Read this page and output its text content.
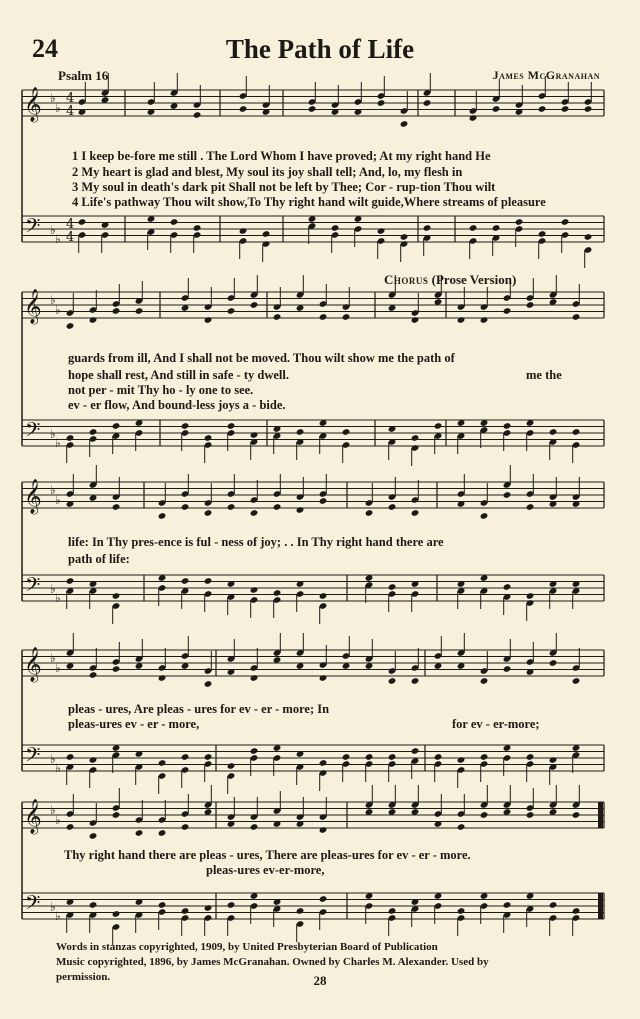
24	The Path of Life
Psalm 16	James McGranahan
𝄞
𝄢
♭
♭
♭
♭
4
4
4
4
𝄞
𝄢
♭
♭
♭
♭
𝄞
𝄢
♭
♭
♭
♭
𝄞
𝄢
♭
♭
♭
♭
𝄞
𝄢
♭
♭
♭
♭
Chorus (Prose Version)
1 I keep be-fore me still . The Lord Whom I have proved; At my right hand He
2 My heart is glad and blest, My soul its joy shall tell; And, lo, my flesh in
3 My soul in death's dark pit Shall not be left by Thee; Cor - rup-tion Thou wilt
4 Life's pathway Thou wilt show,To Thy right hand wilt guide,Where streams of pleasure
guards from ill, And I shall not be moved. Thou wilt show me the path of
hope shall rest, And still in safe - ty dwell.	me the
not per - mit Thy ho - ly one to see.
ev - er flow, And bound-less joys a - bide.
life: In Thy pres-ence is ful - ness of joy; . . In Thy right hand there are
path of life:
pleas - ures, Are pleas - ures for ev - er - more; In
pleas-ures ev - er - more,	for ev - er-more;
Thy right hand there are pleas - ures, There are pleas-ures for ev - er - more.
pleas-ures ev-er-more,
Words in stanzas copyrighted, 1909, by United Presbyterian Board of Publication
Music copyrighted, 1896, by James McGranahan. Owned by Charles M. Alexander. Used by
permission.	28
